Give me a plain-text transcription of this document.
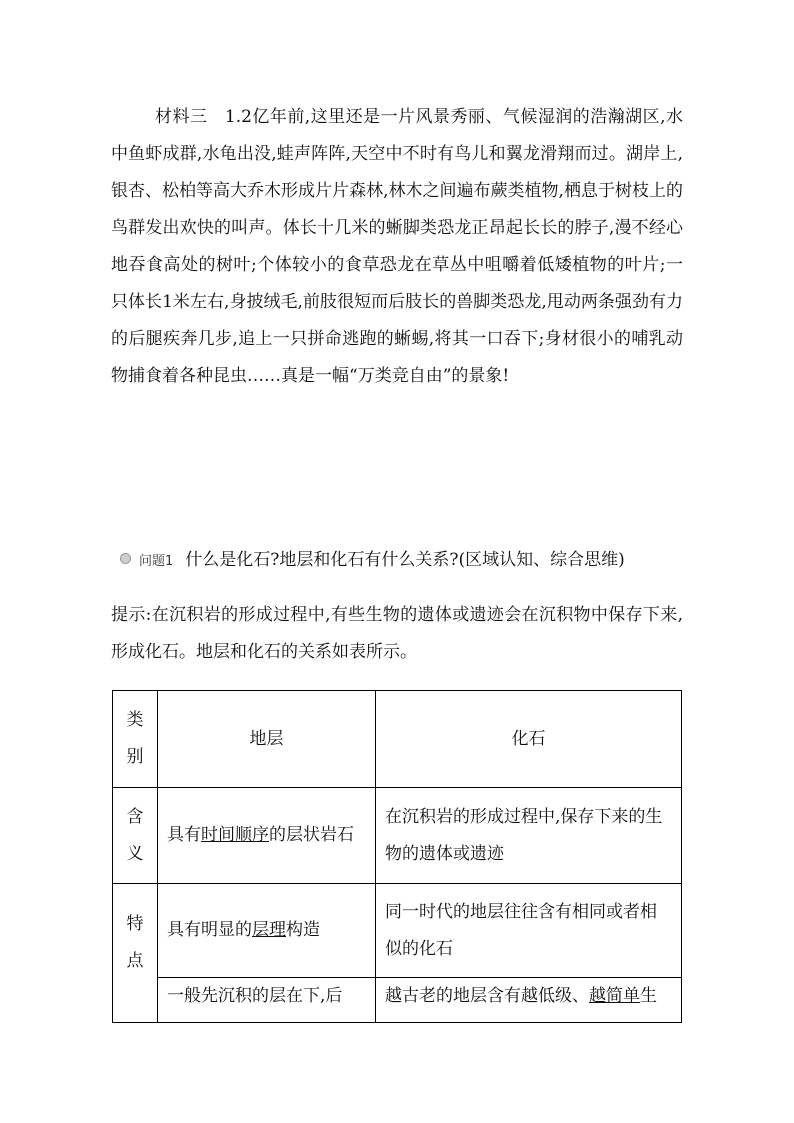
材料三　1.2亿年前,这里还是一片风景秀丽、气候湿润的浩瀚湖区,水中鱼虾成群,水龟出没,蛙声阵阵,天空中不时有鸟儿和翼龙滑翔而过。湖岸上,银杏、松柏等高大乔木形成片片森林,林木之间遍布蕨类植物,栖息于树枝上的鸟群发出欢快的叫声。体长十几米的蜥脚类恐龙正昂起长长的脖子,漫不经心地吞食高处的树叶;个体较小的食草恐龙在草丛中咀嚼着低矮植物的叶片;一只体长1米左右,身披绒毛,前肢很短而后肢长的兽脚类恐龙,甩动两条强劲有力的后腿疾奔几步,追上一只拼命逃跑的蜥蜴,将其一口吞下;身材很小的哺乳动物捕食着各种昆虫……真是一幅“万类竞自由”的景象!

问题1 什么是化石?地层和化石有什么关系?(区域认知、综合思维)

提示:在沉积岩的形成过程中,有些生物的遗体或遗迹会在沉积物中保存下来,形成化石。地层和化石的关系如表所示。

类别	地层	化石
含义	具有时间顺序的层状岩石	在沉积岩的形成过程中,保存下来的生物的遗体或遗迹
特点	具有明显的层理构造	同一时代的地层往往含有相同或者相似的化石
	一般先沉积的层在下,后	越古老的地层含有越低级、越简单生
